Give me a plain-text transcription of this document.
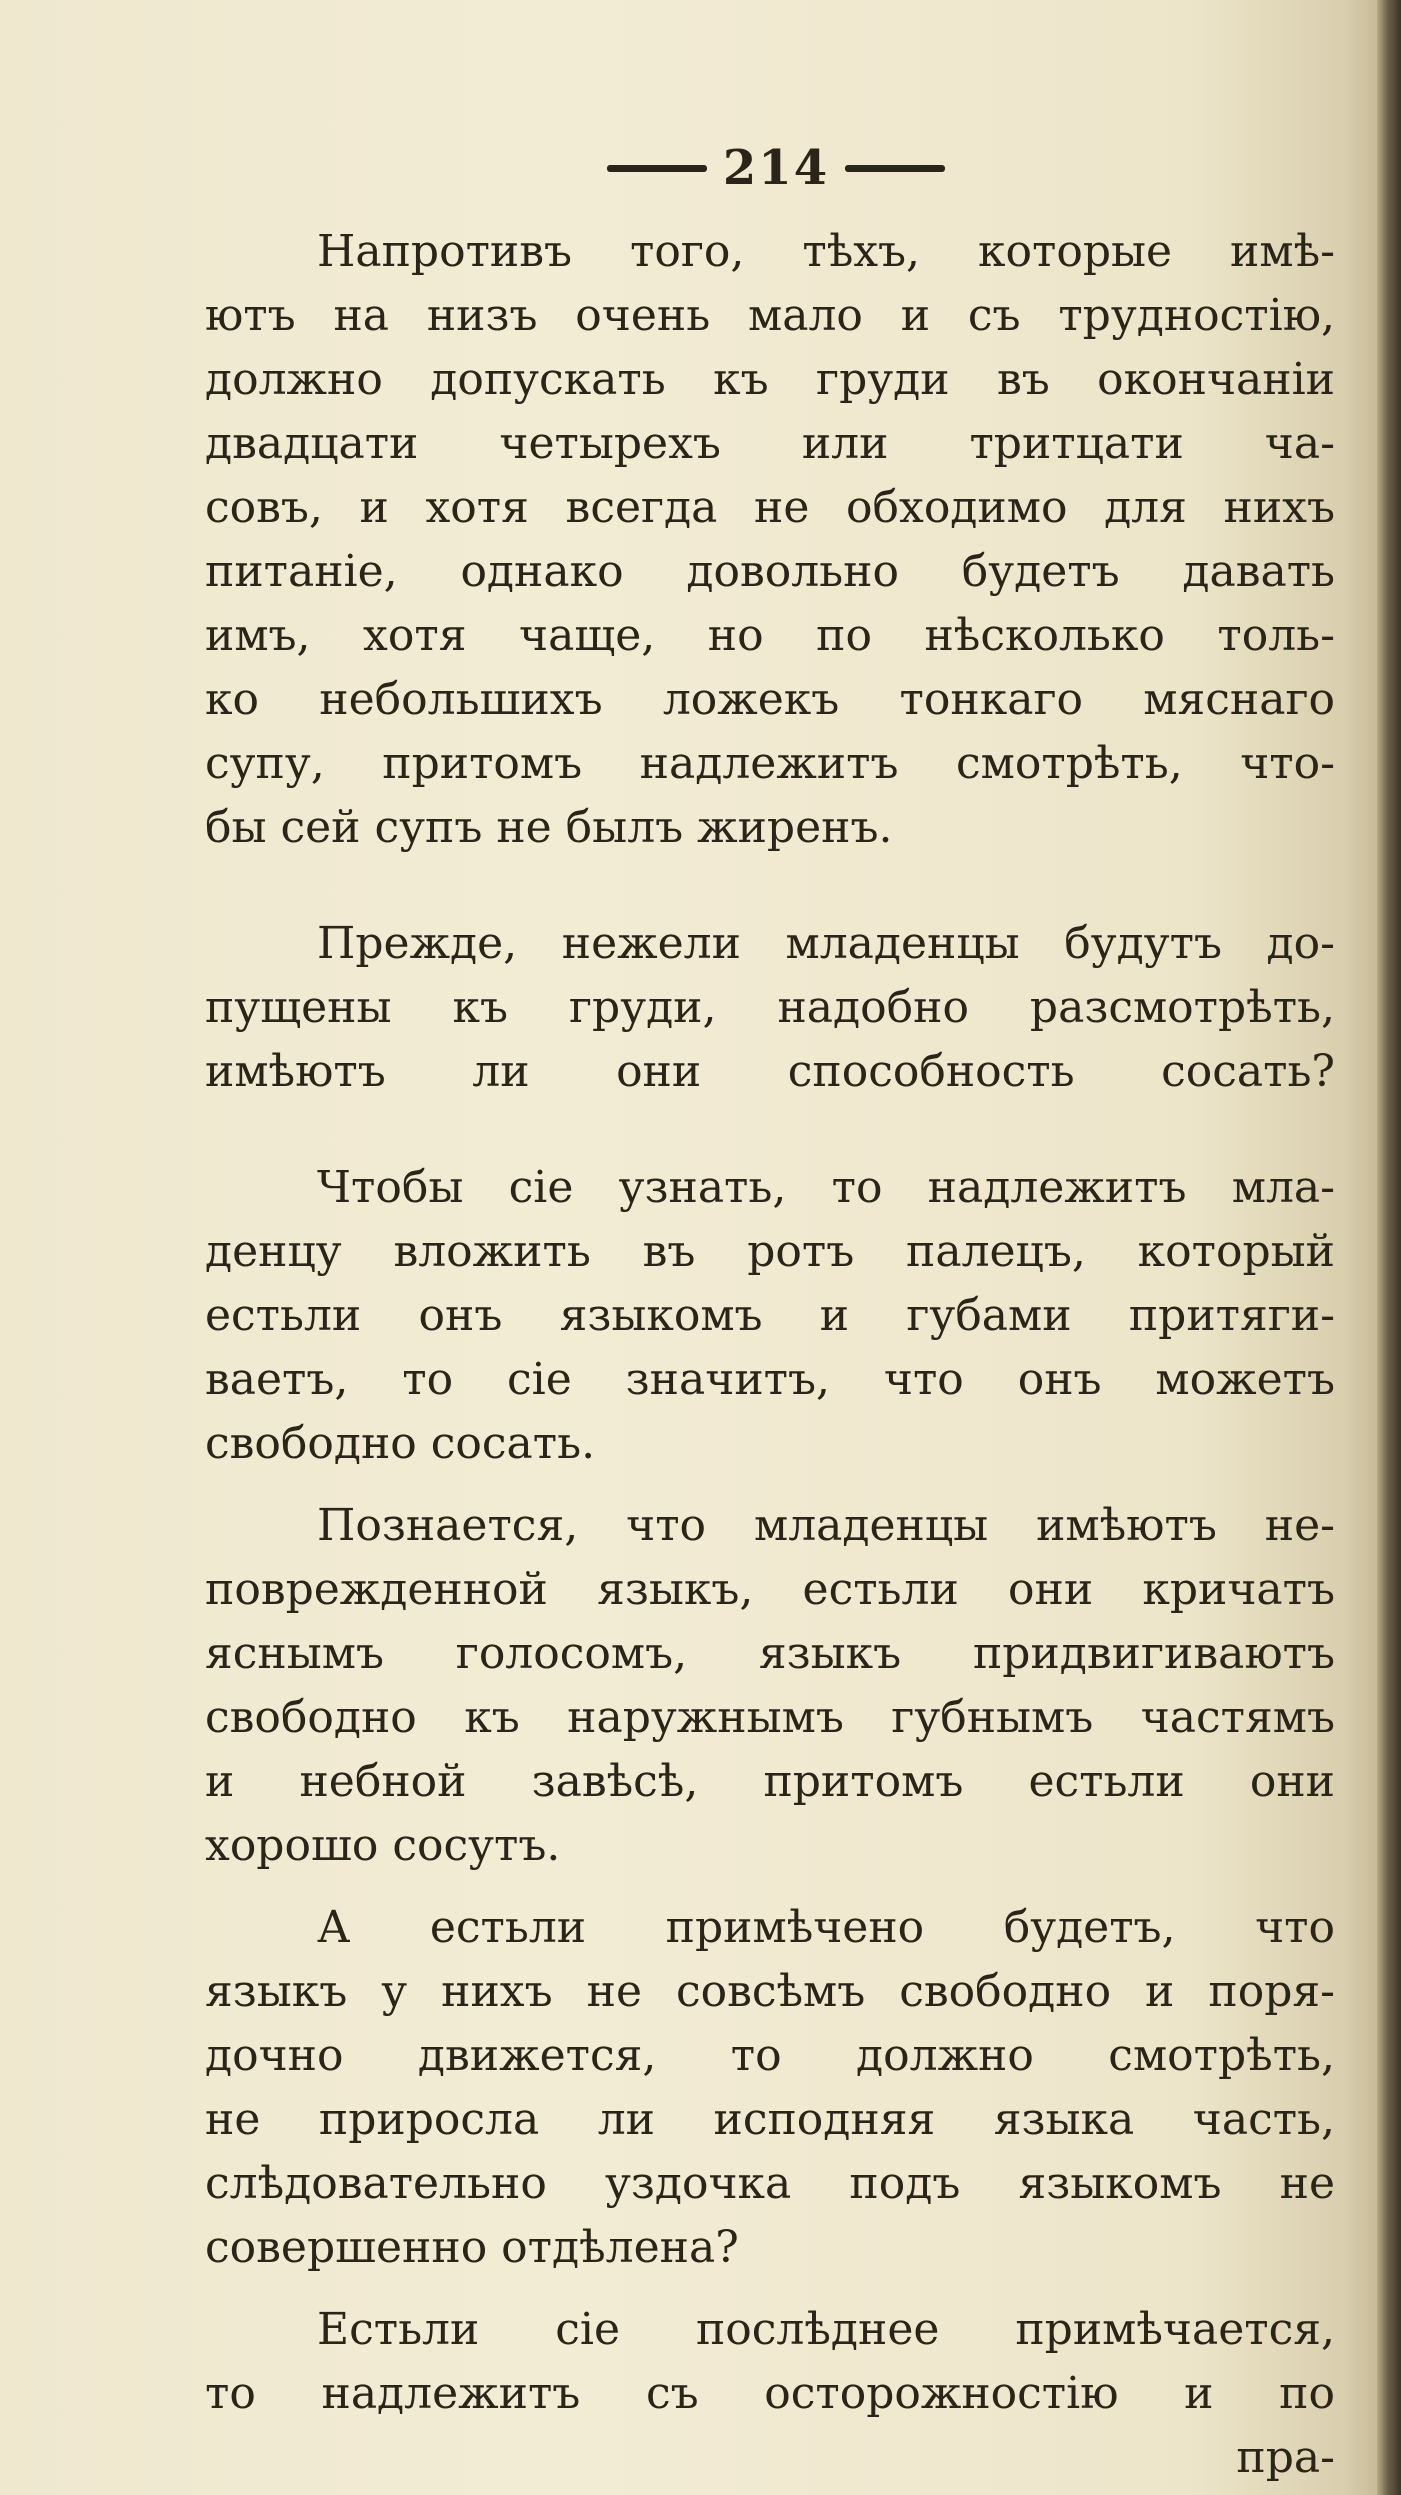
214
Напротивъ того, тѣхъ, которые имѣ-
ютъ на низъ очень мало и съ трудностію,
должно допускать къ груди въ окончаніи
двадцати четырехъ или тритцати ча-
совъ, и хотя всегда не обходимо для нихъ
питаніе, однако довольно будетъ давать
имъ, хотя чаще, но по нѣсколько толь-
ко небольшихъ ложекъ тонкаго мяснаго
супу, притомъ надлежитъ смотрѣть, что-
бы сей супъ не былъ жиренъ.
Прежде, нежели младенцы будутъ до-
пущены къ груди, надобно разсмотрѣть,
имѣютъ ли они способность сосать?
Чтобы сіе узнать, то надлежитъ мла-
денцу вложить въ ротъ палецъ, который
естьли онъ языкомъ и губами притяги-
ваетъ, то сіе значитъ, что онъ можетъ
свободно сосать.
Познается, что младенцы имѣютъ не-
поврежденной языкъ, естьли они кричатъ
яснымъ голосомъ, языкъ придвигиваютъ
свободно къ наружнымъ губнымъ частямъ
и небной завѣсѣ, притомъ естьли они
хорошо сосутъ.
А естьли примѣчено будетъ, что
языкъ у нихъ не совсѣмъ свободно и поря-
дочно движется, то должно смотрѣть,
не приросла ли исподняя языка часть,
слѣдовательно уздочка подъ языкомъ не
совершенно отдѣлена?
Естьли сіе послѣднее примѣчается,
то надлежитъ съ осторожностію и по
пра-
